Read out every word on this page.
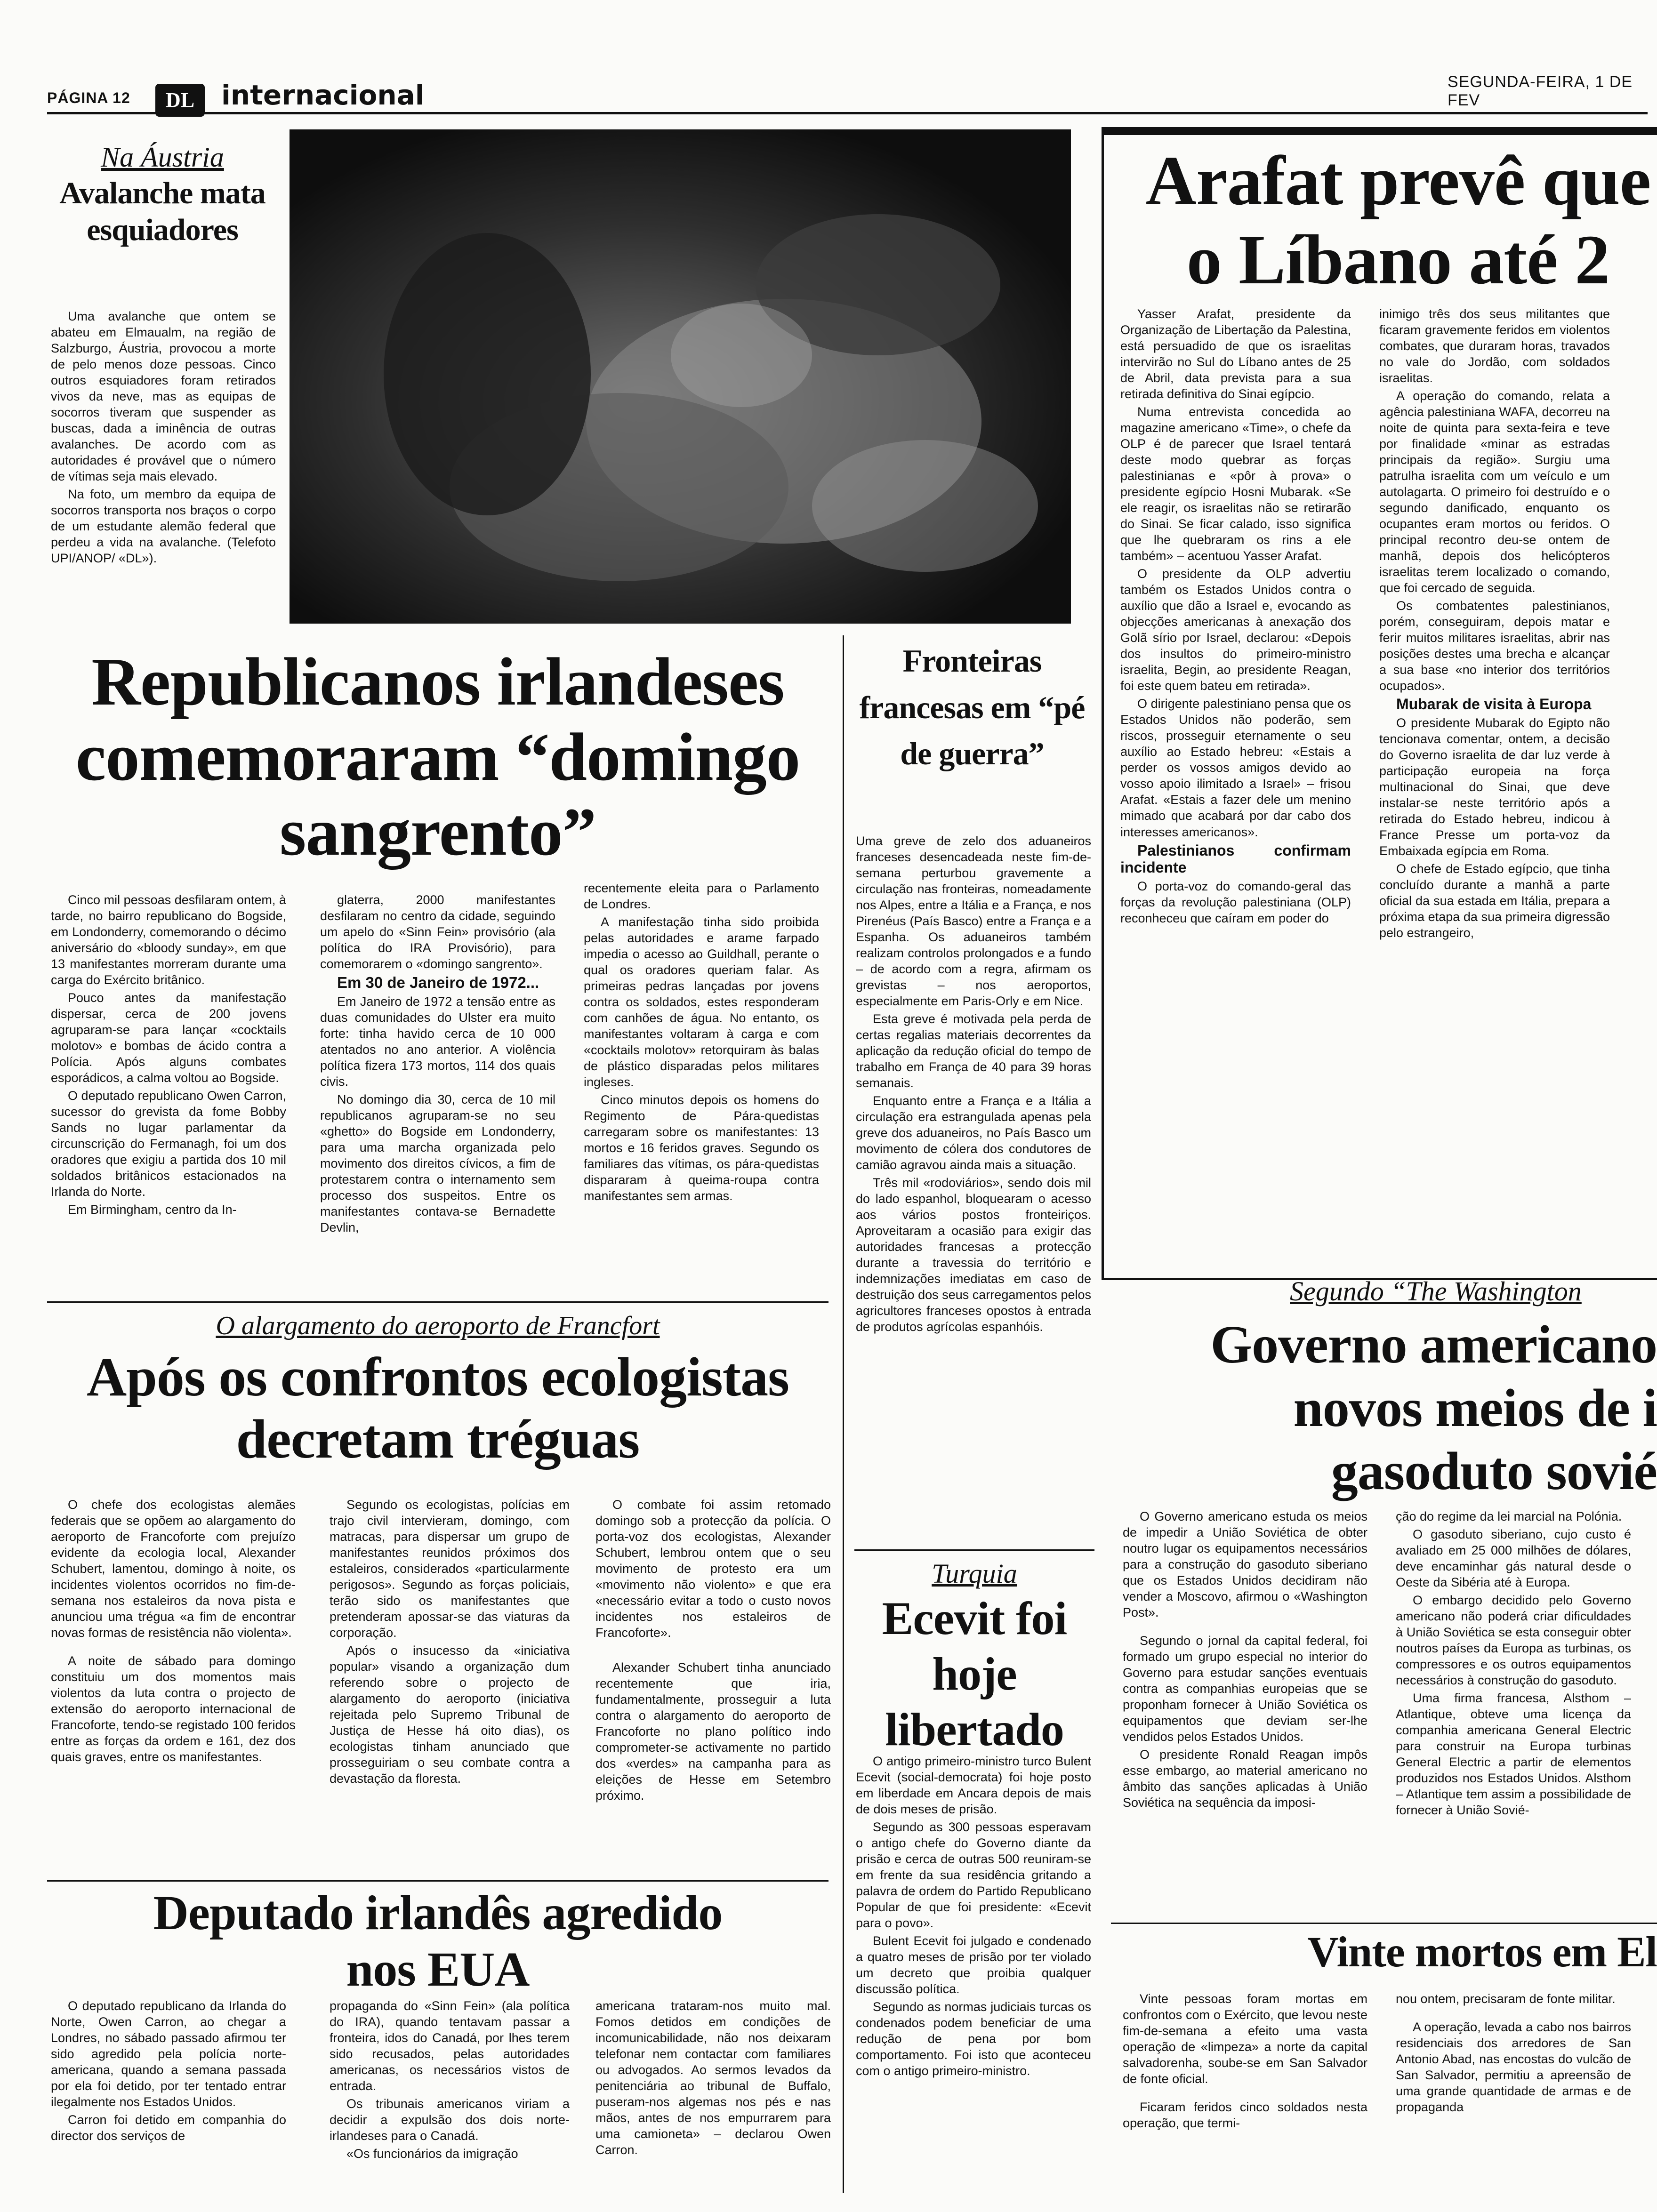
PÁGINA 12	DL internacional	SEGUNDA-FEIRA, 1 DE FEV
Na Áustria
Avalanche mata esquiadores

Uma avalanche que ontem se abateu em Elmaualm, na região de Salzburgo, Áustria, provocou a morte de pelo menos doze pessoas. Cinco outros esquiadores foram retirados vivos da neve, mas as equipas de socorros tiveram que suspender as buscas, dada a iminência de outras avalanches. De acordo com as autoridades é provável que o número de vítimas seja mais elevado.

Na foto, um membro da equipa de socorros transporta nos braços o corpo de um estudante alemão federal que perdeu a vida na avalanche. (Telefoto UPI/ANOP/ «DL»).

Republicanos irlandeses comemoraram “domingo sangrento”

Cinco mil pessoas desfilaram ontem, à tarde, no bairro republicano do Bogside, em Londonderry, comemorando o décimo aniversário do «bloody sunday», em que 13 manifestantes morreram durante uma carga do Exército britânico.

Pouco antes da manifestação dispersar, cerca de 200 jovens agruparam-se para lançar «cocktails molotov» e bombas de ácido contra a Polícia. Após alguns combates esporádicos, a calma voltou ao Bogside.

O deputado republicano Owen Carron, sucessor do grevista da fome Bobby Sands no lugar parlamentar da circunscrição do Fermanagh, foi um dos oradores que exigiu a partida dos 10 mil soldados britânicos estacionados na Irlanda do Norte.

Em Birmingham, centro da In-

glaterra, 2000 manifestantes desfilaram no centro da cidade, seguindo um apelo do «Sinn Fein» provisório (ala política do IRA Provisório), para comemorarem o «domingo sangrento».

Em 30 de Janeiro de 1972...

Em Janeiro de 1972 a tensão entre as duas comunidades do Ulster era muito forte: tinha havido cerca de 10 000 atentados no ano anterior. A violência política fizera 173 mortos, 114 dos quais civis.

No domingo dia 30, cerca de 10 mil republicanos agruparam-se no seu «ghetto» do Bogside em Londonderry, para uma marcha organizada pelo movimento dos direitos cívicos, a fim de protestarem contra o internamento sem processo dos suspeitos. Entre os manifestantes contava-se Bernadette Devlin,

recentemente eleita para o Parlamento de Londres.

A manifestação tinha sido proibida pelas autoridades e arame farpado impedia o acesso ao Guildhall, perante o qual os oradores queriam falar. As primeiras pedras lançadas por jovens contra os soldados, estes responderam com canhões de água. No entanto, os manifestantes voltaram à carga e com «cocktails molotov» retorquiram às balas de plástico disparadas pelos militares ingleses.

Cinco minutos depois os homens do Regimento de Pára-quedistas carregaram sobre os manifestantes: 13 mortos e 16 feridos graves. Segundo os familiares das vítimas, os pára-quedistas dispararam à queima-roupa contra manifestantes sem armas.

O alargamento do aeroporto de Francfort
Após os confrontos ecologistas decretam tréguas

O chefe dos ecologistas alemães federais que se opõem ao alargamento do aeroporto de Francoforte com prejuízo evidente da ecologia local, Alexander Schubert, lamentou, domingo à noite, os incidentes violentos ocorridos no fim-de-semana nos estaleiros da nova pista e anunciou uma trégua «a fim de encontrar novas formas de resistência não violenta».

A noite de sábado para domingo constituiu um dos momentos mais violentos da luta contra o projecto de extensão do aeroporto internacional de Francoforte, tendo-se registado 100 feridos entre as forças da ordem e 161, dez dos quais graves, entre os manifestantes.

Segundo os ecologistas, polícias em trajo civil intervieram, domingo, com matracas, para dispersar um grupo de manifestantes reunidos próximos dos estaleiros, considerados «particularmente perigosos». Segundo as forças policiais, terão sido os manifestantes que pretenderam apossar-se das viaturas da corporação.

Após o insucesso da «iniciativa popular» visando a organização dum referendo sobre o projecto de alargamento do aeroporto (iniciativa rejeitada pelo Supremo Tribunal de Justiça de Hesse há oito dias), os ecologistas tinham anunciado que prosseguiriam o seu combate contra a devastação da floresta.

O combate foi assim retomado domingo sob a protecção da polícia. O porta-voz dos ecologistas, Alexander Schubert, lembrou ontem que o seu movimento de protesto era um «movimento não violento» e que era «necessário evitar a todo o custo novos incidentes nos estaleiros de Francoforte».

Alexander Schubert tinha anunciado recentemente que iria, fundamentalmente, prosseguir a luta contra o alargamento do aeroporto de Francoforte no plano político indo comprometer-se activamente no partido dos «verdes» na campanha para as eleições de Hesse em Setembro próximo.

Deputado irlandês agredido nos EUA

O deputado republicano da Irlanda do Norte, Owen Carron, ao chegar a Londres, no sábado passado afirmou ter sido agredido pela polícia norte-americana, quando a semana passada por ela foi detido, por ter tentado entrar ilegalmente nos Estados Unidos.

Carron foi detido em companhia do director dos serviços de

propaganda do «Sinn Fein» (ala política do IRA), quando tentavam passar a fronteira, idos do Canadá, por lhes terem sido recusados, pelas autoridades americanas, os necessários vistos de entrada.

Os tribunais americanos viriam a decidir a expulsão dos dois norte-irlandeses para o Canadá.

«Os funcionários da imigração

americana trataram-nos muito mal. Fomos detidos em condições de incomunicabilidade, não nos deixaram telefonar nem contactar com familiares ou advogados. Ao sermos levados da penitenciária ao tribunal de Buffalo, puseram-nos algemas nos pés e nas mãos, antes de nos empurrarem para uma camioneta» – declarou Owen Carron.

Fronteiras francesas em “pé de guerra”

Uma greve de zelo dos aduaneiros franceses desencadeada neste fim-de-semana perturbou gravemente a circulação nas fronteiras, nomeadamente nos Alpes, entre a Itália e a França, e nos Pirenéus (País Basco) entre a França e a Espanha. Os aduaneiros também realizam controlos prolongados e a fundo – de acordo com a regra, afirmam os grevistas – nos aeroportos, especialmente em Paris-Orly e em Nice.

Esta greve é motivada pela perda de certas regalias materiais decorrentes da aplicação da redução oficial do tempo de trabalho em França de 40 para 39 horas semanais.

Enquanto entre a França e a Itália a circulação era estrangulada apenas pela greve dos aduaneiros, no País Basco um movimento de cólera dos condutores de camião agravou ainda mais a situação.

Três mil «rodoviários», sendo dois mil do lado espanhol, bloquearam o acesso aos vários postos fronteiriços. Aproveitaram a ocasião para exigir das autoridades francesas a protecção durante a travessia do território e indemnizações imediatas em caso de destruição dos seus carregamentos pelos agricultores franceses opostos à entrada de produtos agrícolas espanhóis.

Turquia
Ecevit foi hoje libertado

O antigo primeiro-ministro turco Bulent Ecevit (social-democrata) foi hoje posto em liberdade em Ancara depois de mais de dois meses de prisão.

Segundo as 300 pessoas esperavam o antigo chefe do Governo diante da prisão e cerca de outras 500 reuniram-se em frente da sua residência gritando a palavra de ordem do Partido Republicano Popular de que foi presidente: «Ecevit para o povo».

Bulent Ecevit foi julgado e condenado a quatro meses de prisão por ter violado um decreto que proibia qualquer discussão política.

Segundo as normas judiciais turcas os condenados podem beneficiar de uma redução de pena por bom comportamento. Foi isto que aconteceu com o antigo primeiro-ministro.

Arafat prevê que o Líbano até 2

Yasser Arafat, presidente da Organização de Libertação da Palestina, está persuadido de que os israelitas intervirão no Sul do Líbano antes de 25 de Abril, data prevista para a sua retirada definitiva do Sinai egípcio.

Numa entrevista concedida ao magazine americano «Time», o chefe da OLP é de parecer que Israel tentará deste modo quebrar as forças palestinianas e «pôr à prova» o presidente egípcio Hosni Mubarak. «Se ele reagir, os israelitas não se retirarão do Sinai. Se ficar calado, isso significa que lhe quebraram os rins a ele também» – acentuou Yasser Arafat.

O presidente da OLP advertiu também os Estados Unidos contra o auxílio que dão a Israel e, evocando as objecções americanas à anexação dos Golã sírio por Israel, declarou: «Depois dos insultos do primeiro-ministro israelita, Begin, ao presidente Reagan, foi este quem bateu em retirada».

O dirigente palestiniano pensa que os Estados Unidos não poderão, sem riscos, prosseguir eternamente o seu auxílio ao Estado hebreu: «Estais a perder os vossos amigos devido ao vosso apoio ilimitado a Israel» – frisou Arafat. «Estais a fazer dele um menino mimado que acabará por dar cabo dos interesses americanos».

Palestinianos confirmam incidente

O porta-voz do comando-geral das forças da revolução palestiniana (OLP) reconheceu que caíram em poder do

inimigo três dos seus militantes que ficaram gravemente feridos em violentos combates, que duraram horas, travados no vale do Jordão, com soldados israelitas.

A operação do comando, relata a agência palestiniana WAFA, decorreu na noite de quinta para sexta-feira e teve por finalidade «minar as estradas principais da região». Surgiu uma patrulha israelita com um veículo e um autolagarta. O primeiro foi destruído e o segundo danificado, enquanto os ocupantes eram mortos ou feridos. O principal recontro deu-se ontem de manhã, depois dos helicópteros israelitas terem localizado o comando, que foi cercado de seguida.

Os combatentes palestinianos, porém, conseguiram, depois matar e ferir muitos militares israelitas, abrir nas posições destes uma brecha e alcançar a sua base «no interior dos territórios ocupados».

Mubarak de visita à Europa

O presidente Mubarak do Egipto não tencionava comentar, ontem, a decisão do Governo israelita de dar luz verde à participação europeia na força multinacional do Sinai, que deve instalar-se neste território após a retirada do Estado hebreu, indicou à France Presse um porta-voz da Embaixada egípcia em Roma.

O chefe de Estado egípcio, que tinha concluído durante a manhã a parte oficial da sua estada em Itália, prepara a próxima etapa da sua primeira digressão pelo estrangeiro,

Segundo “The Washington
Governo americano novos meios de i gasoduto sovié

O Governo americano estuda os meios de impedir a União Soviética de obter noutro lugar os equipamentos necessários para a construção do gasoduto siberiano que os Estados Unidos decidiram não vender a Moscovo, afirmou o «Washington Post».

Segundo o jornal da capital federal, foi formado um grupo especial no interior do Governo para estudar sanções eventuais contra as companhias europeias que se proponham fornecer à União Soviética os equipamentos que deviam ser-lhe vendidos pelos Estados Unidos.

O presidente Ronald Reagan impôs esse embargo, ao material americano no âmbito das sanções aplicadas à União Soviética na sequência da imposi-

ção do regime da lei marcial na Polónia.

O gasoduto siberiano, cujo custo é avaliado em 25 000 milhões de dólares, deve encaminhar gás natural desde o Oeste da Sibéria até à Europa.

O embargo decidido pelo Governo americano não poderá criar dificuldades à União Soviética se esta conseguir obter noutros países da Europa as turbinas, os compressores e os outros equipamentos necessários à construção do gasoduto.

Uma firma francesa, Alsthom – Atlantique, obteve uma licença da companhia americana General Electric para construir na Europa turbinas General Electric a partir de elementos produzidos nos Estados Unidos. Alsthom – Atlantique tem assim a possibilidade de fornecer à União Sovié-

Vinte mortos em El

Vinte pessoas foram mortas em confrontos com o Exército, que levou neste fim-de-semana a efeito uma vasta operação de «limpeza» a norte da capital salvadorenha, soube-se em San Salvador de fonte oficial.

Ficaram feridos cinco soldados nesta operação, que termi-

nou ontem, precisaram de fonte militar.

A operação, levada a cabo nos bairros residenciais dos arredores de San Antonio Abad, nas encostas do vulcão de San Salvador, permitiu a apreensão de uma grande quantidade de armas e de propaganda
